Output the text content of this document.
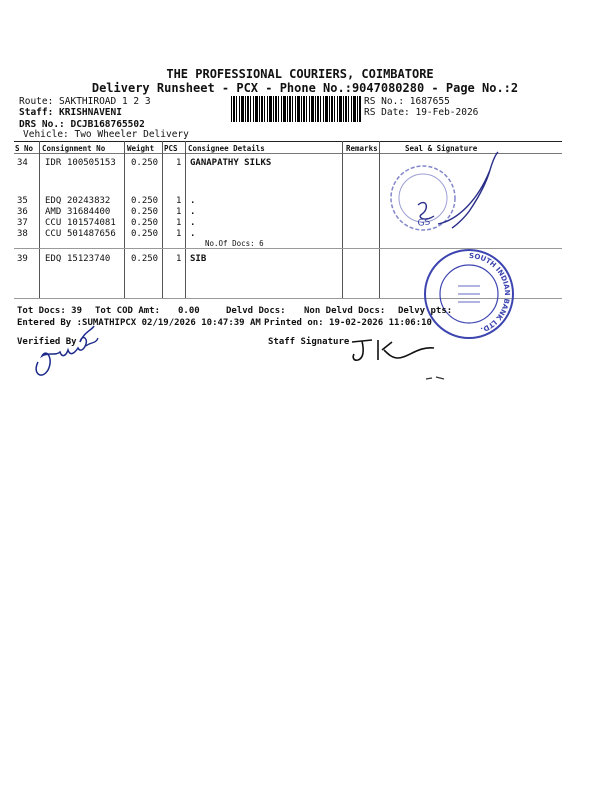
THE PROFESSIONAL COURIERS, COIMBATORE
Delivery Runsheet - PCX - Phone No.:9047080280 - Page No.:2
Route: SAKTHIROAD 1 2 3
Staff: KRISHNAVENI
DRS No.: DCJB168765502
Vehicle: Two Wheeler Delivery
RS No.: 1687655
RS Date: 19-Feb-2026
S No Consignment No	Weight PCS Consignee Details	Remarks	Seal & Signature
34 IDR 100505153 0.250 1 GANAPATHY SILKS
35 EDQ 20243832 0.250 1 .
36 AMD 31684400 0.250 1 .
37 CCU 101574081 0.250 1 .
38 CCU 501487656 0.250 1 .
No.Of Docs: 6
39 EDQ 15123740 0.250 1 SIB
GS
SOUTH INDIAN BANK LTD.
Tot Docs: 39 Tot COD Amt: 0.00	Delvd Docs: Non Delvd Docs: Delvy pts:
Entered By :SUMATHIPCX 02/19/2026 10:47:39 AM Printed on: 19-02-2026 11:06:10
Verified By	Staff Signature
